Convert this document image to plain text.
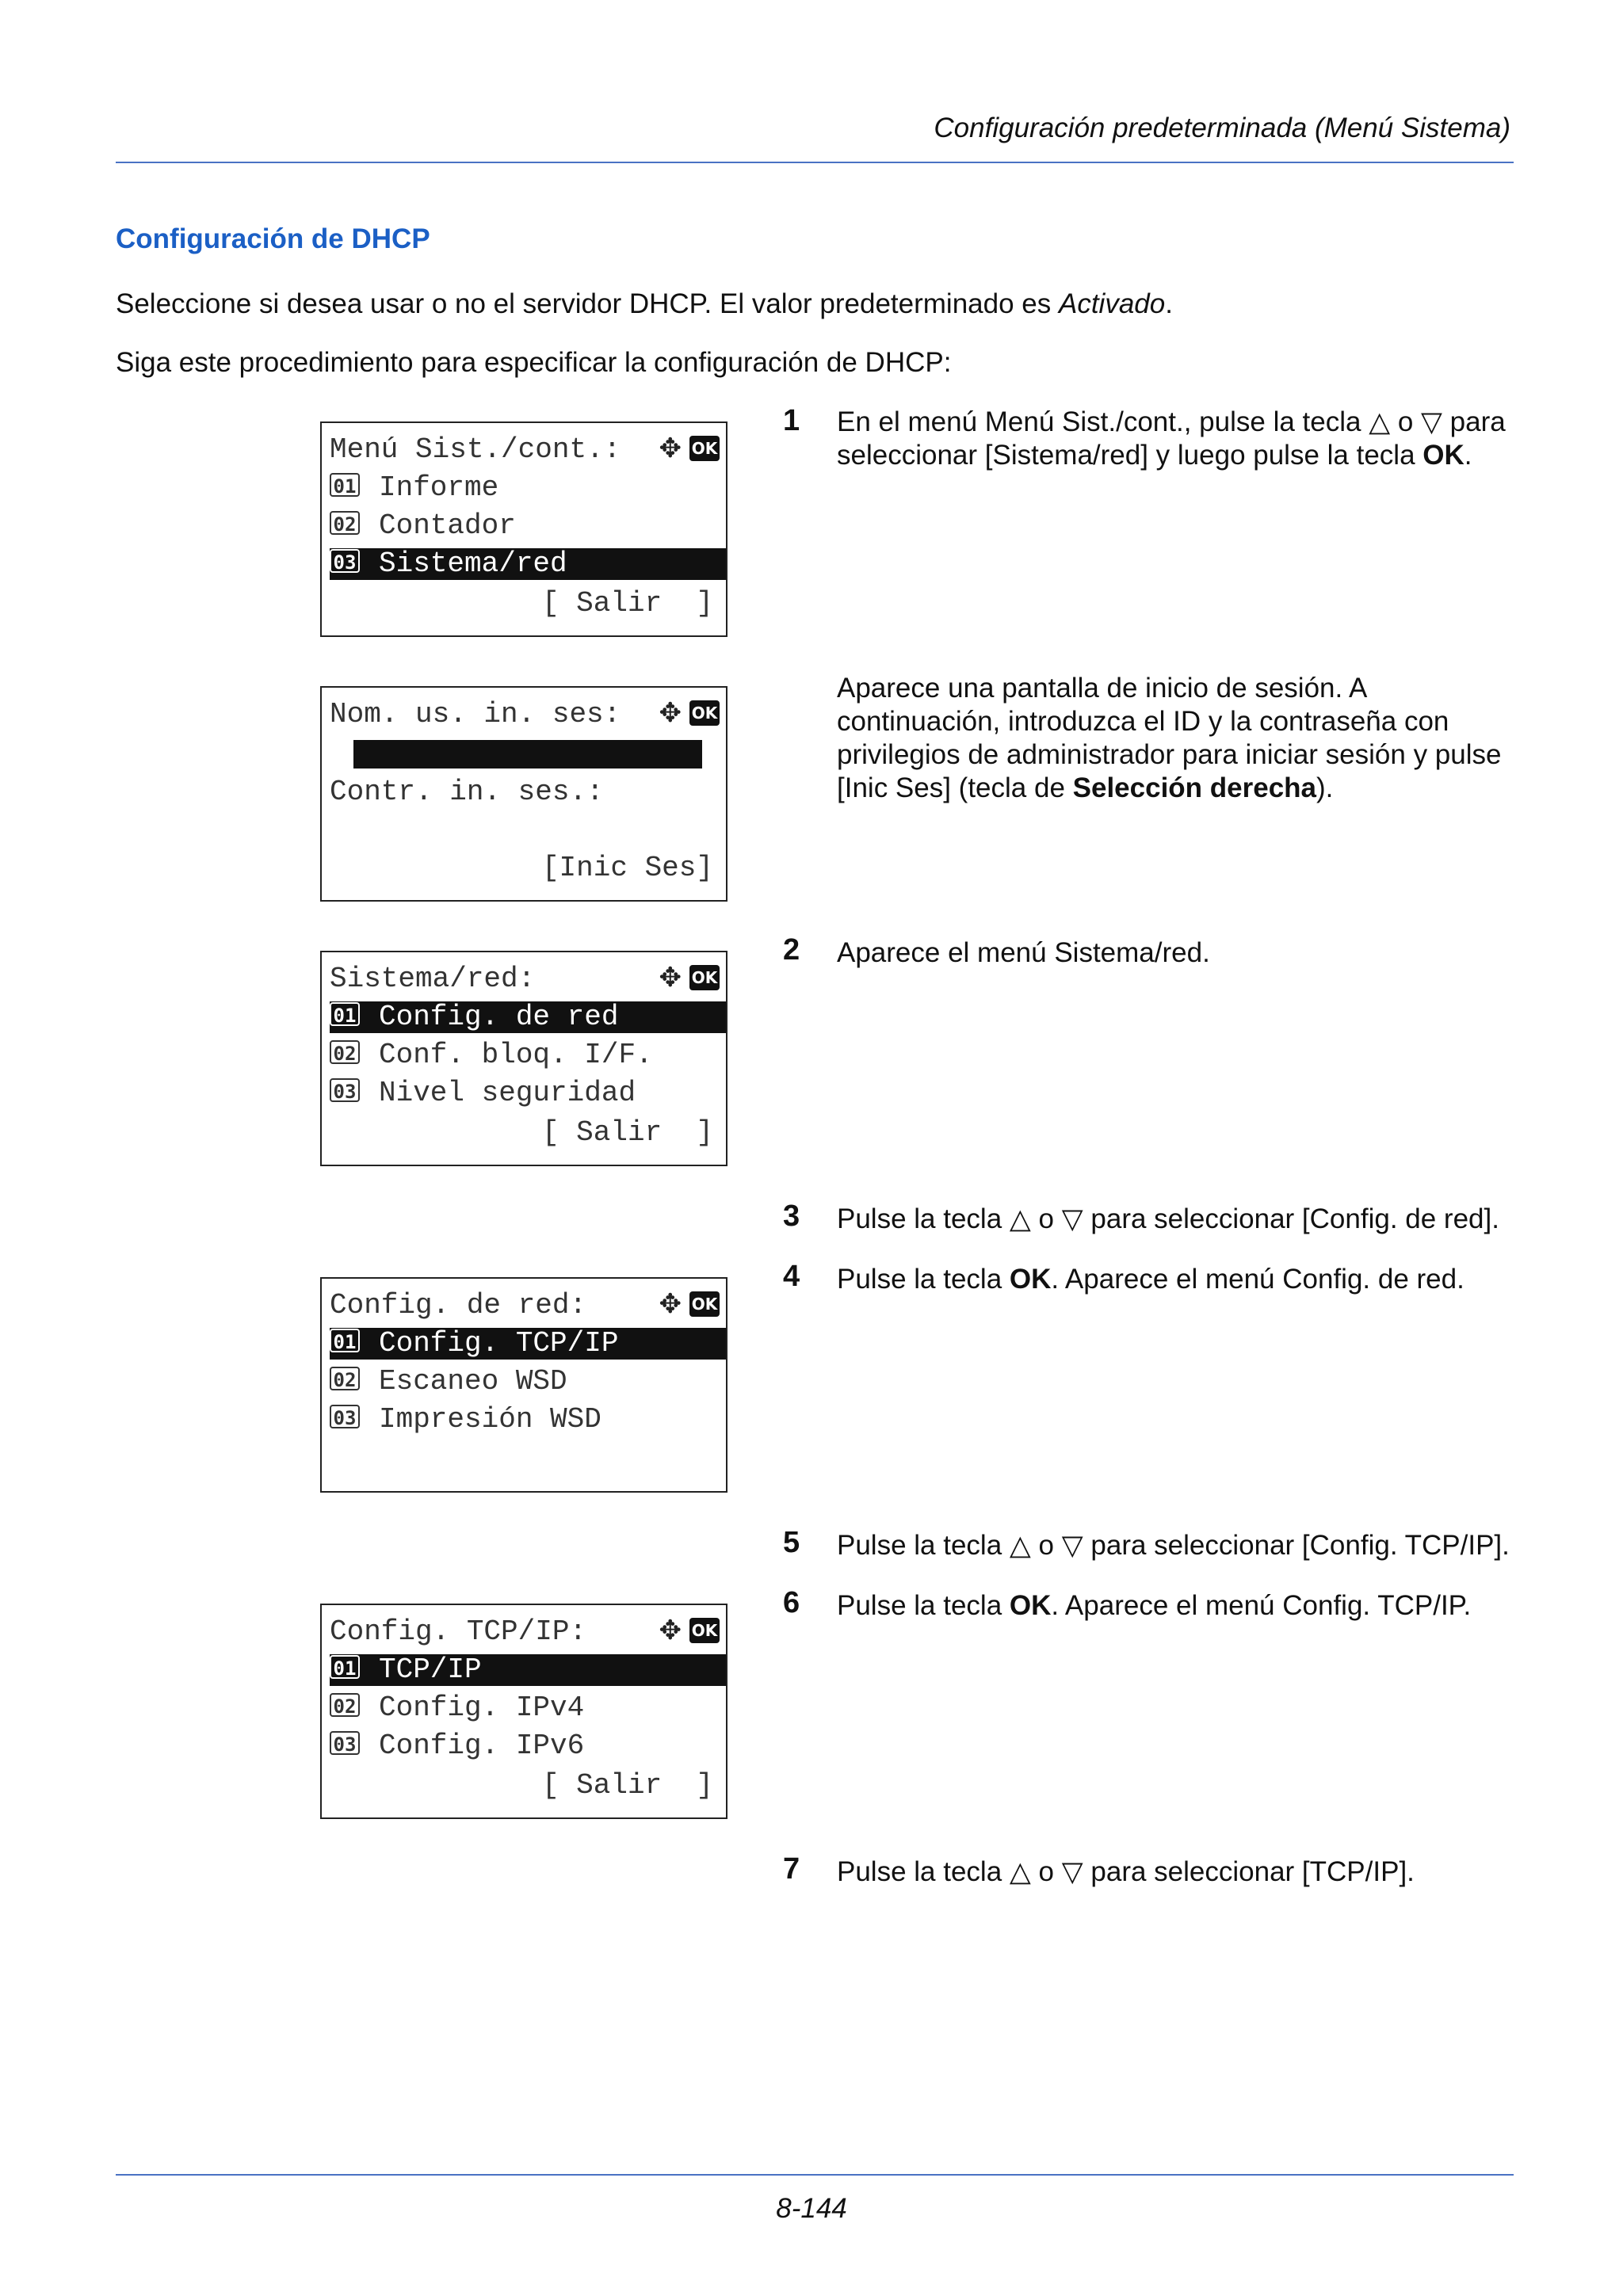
Configuración predeterminada (Menú Sistema)
Configuración de DHCP
Seleccione si desea usar o no el servidor DHCP. El valor predeterminado es Activado.
Siga este procedimiento para especificar la configuración de DHCP:
Menú Sist./cont.:	✥ OK
01 Informe
02 Contador
03 Sistema/red
[ Salir  ]
Nom. us. in. ses:	✥ OK
Contr. in. ses.:
[Inic Ses]
Sistema/red:	✥ OK
01 Config. de red
02 Conf. bloq. I/F.
03 Nivel seguridad
[ Salir  ]
Config. de red:	✥ OK
01 Config. TCP/IP
02 Escaneo WSD
03 Impresión WSD
Config. TCP/IP:	✥ OK
01 TCP/IP
02 Config. IPv4
03 Config. IPv6
[ Salir  ]
1 En el menú Menú Sist./cont., pulse la tecla △ o ▽ para seleccionar [Sistema/red] y luego pulse la tecla OK.
Aparece una pantalla de inicio de sesión. A continuación, introduzca el ID y la contraseña con privilegios de administrador para iniciar sesión y pulse [Inic Ses] (tecla de Selección derecha).
2 Aparece el menú Sistema/red.
3 Pulse la tecla △ o ▽ para seleccionar [Config. de red].
4 Pulse la tecla OK. Aparece el menú Config. de red.
5 Pulse la tecla △ o ▽ para seleccionar [Config. TCP/IP].
6 Pulse la tecla OK. Aparece el menú Config. TCP/IP.
7 Pulse la tecla △ o ▽ para seleccionar [TCP/IP].
8-144
